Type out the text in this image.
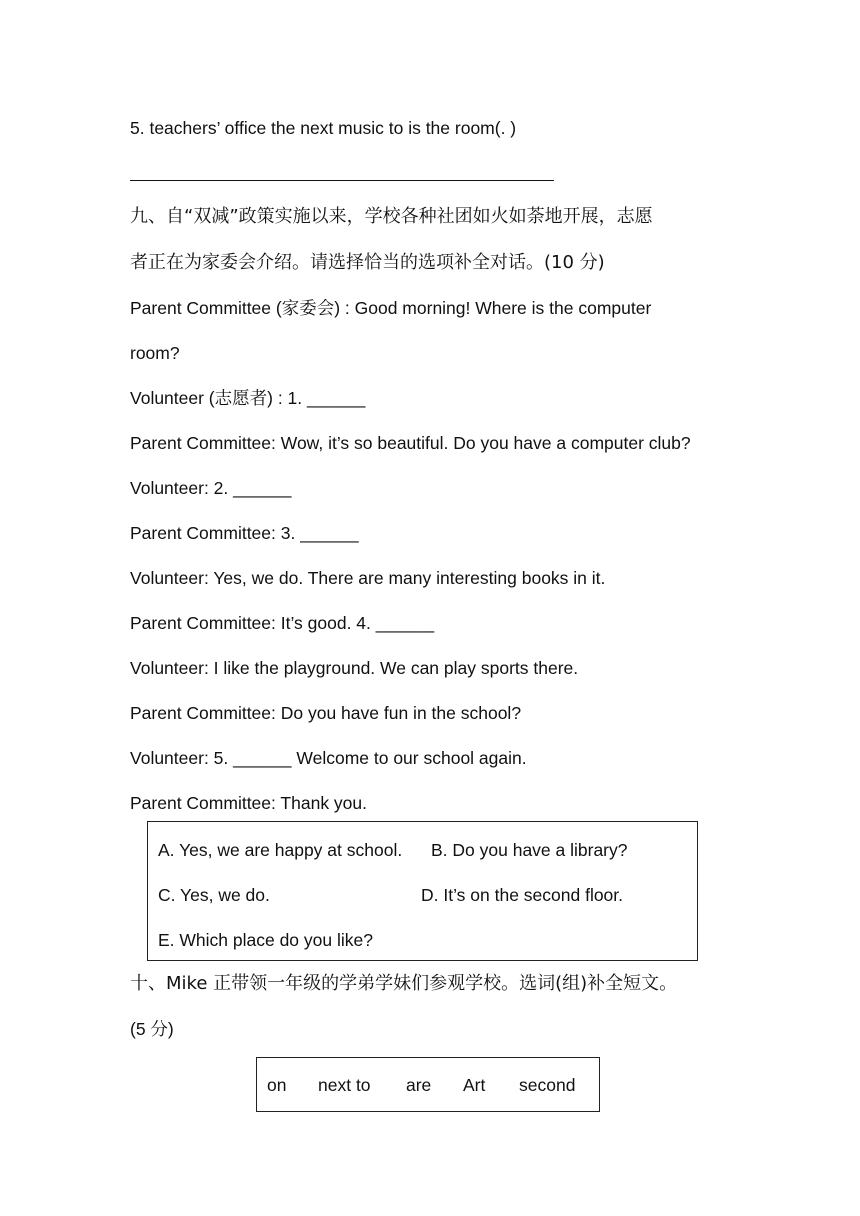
5. teachers’ office the next music to is the room(. )
九、自“双减”政策实施以来，学校各种社团如火如荼地开展，志愿
者正在为家委会介绍。请选择恰当的选项补全对话。(10 分)
Parent Committee (家委会) : Good morning! Where is the computer
room?
Volunteer (志愿者) : 1. ______
Parent Committee: Wow, it’s so beautiful. Do you have a computer club?
Volunteer: 2. ______
Parent Committee: 3. ______
Volunteer: Yes, we do. There are many interesting books in it.
Parent Committee: It’s good. 4. ______
Volunteer: I like the playground. We can play sports there.
Parent Committee: Do you have fun in the school?
Volunteer: 5. ______ Welcome to our school again.
Parent Committee: Thank you.
A. Yes, we are happy at school. B. Do you have a library?
C. Yes, we do.	D. It’s on the second floor.
E. Which place do you like?
十、Mike 正带领一年级的学弟学妹们参观学校。选词(组)补全短文。
(5 分)
on next to are Art second
